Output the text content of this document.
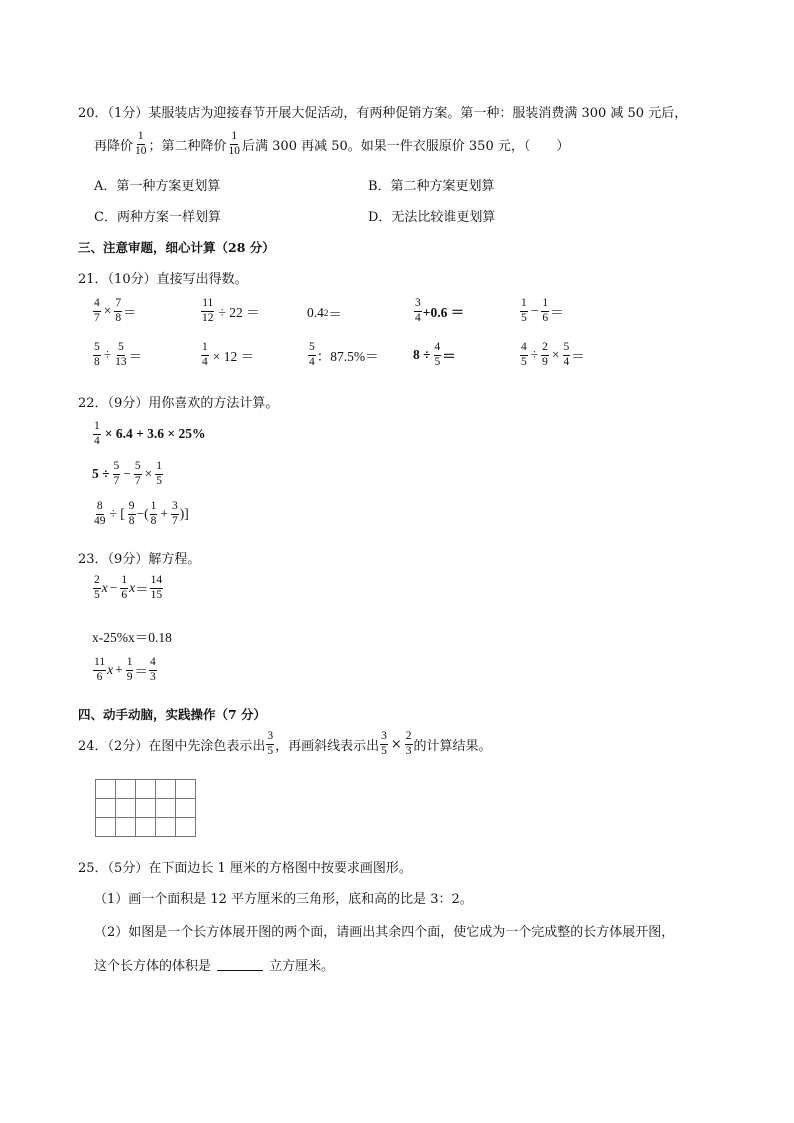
20．（1分）某服装店为迎接春节开展大促活动，有两种促销方案。第一种：服装消费满 300 减 50 元后，
再降价 $\frac{1}{10}$ ；第二种降价 $\frac{1}{10}$ 后满 300 再减 50。如果一件衣服原价 350 元，（　　）
A．第一种方案更划算	B．第二种方案更划算
C．两种方案一样划算	D．无法比较谁更划算
三、注意审题，细心计算（28 分）
21．（10分）直接写出得数。
$\frac{4}{7} \times \frac{7}{8}$ ＝	$\frac{11}{12} \div 22$ ＝	0.4 2 ＝	$\frac{3}{4} +0.6$ ＝	$\frac{1}{5} - \frac{1}{6}$ ＝
$\frac{5}{8} \div \frac{5}{13}$ ＝	$\frac{1}{4} \times 12$ ＝	$\frac{5}{4}$ ：87.5%＝	$8 \div \frac{4}{5}$ ＝	$\frac{4}{5} \div \frac{2}{9} \times \frac{5}{4}$ ＝
22．（9分）用你喜欢的方法计算。
$\frac{1}{4} \times 6.4 + 3.6 \times 25\%$
$5 \div \frac{5}{7} - \frac{5}{7} \times \frac{1}{5}$
$\frac{8}{49}$ ÷ [ $\frac{9}{8}$ −( $\frac{1}{8} + \frac{3}{7}$ )]
23．（9分）解方程。
$\frac{2}{5}$ $x - \frac{1}{6}$ $x = \frac{14}{15}$
x-25%x＝0.18
$\frac{11}{6}$ $x + \frac{1}{9} = \frac{4}{3}$
四、动手动脑，实践操作（7 分）
24．（2分）在图中先涂色表示出 $\frac{3}{5}$ ，再画斜线表示出 $\frac{3}{5} \times \frac{2}{3}$ 的计算结果。

25．（5分）在下面边长 1 厘米的方格图中按要求画图形。
（1）画一个面积是 12 平方厘米的三角形，底和高的比是 3：2。
（2）如图是一个长方体展开图的两个面，请画出其余四个面，使它成为一个完成整的长方体展开图，
这个长方体的体积是	立方厘米。
